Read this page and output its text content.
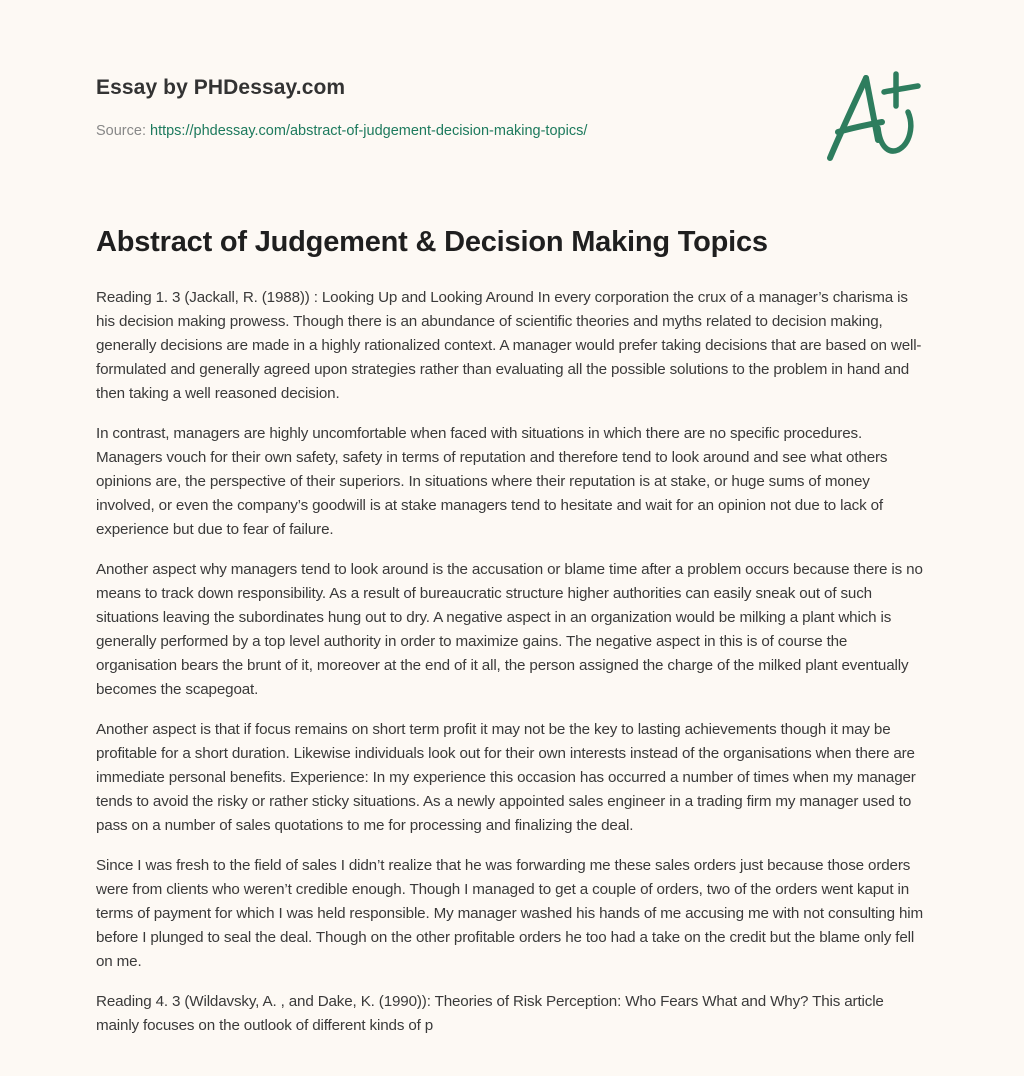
Essay by PHDessay.com
Source: https://phdessay.com/abstract-of-judgement-decision-making-topics/
Abstract of Judgement & Decision Making Topics

Reading 1. 3 (Jackall, R. (1988)) : Looking Up and Looking Around In every corporation the crux of a manager’s charisma is his decision making prowess. Though there is an abundance of scientific theories and myths related to decision making, generally decisions are made in a highly rationalized context. A manager would prefer taking decisions that are based on well-formulated and generally agreed upon strategies rather than evaluating all the possible solutions to the problem in hand and then taking a well reasoned decision.

In contrast, managers are highly uncomfortable when faced with situations in which there are no specific procedures. Managers vouch for their own safety, safety in terms of reputation and therefore tend to look around and see what others opinions are, the perspective of their superiors. In situations where their reputation is at stake, or huge sums of money involved, or even the company’s goodwill is at stake managers tend to hesitate and wait for an opinion not due to lack of experience but due to fear of failure.

Another aspect why managers tend to look around is the accusation or blame time after a problem occurs because there is no means to track down responsibility. As a result of bureaucratic structure higher authorities can easily sneak out of such situations leaving the subordinates hung out to dry. A negative aspect in an organization would be milking a plant which is generally performed by a top level authority in order to maximize gains. The negative aspect in this is of course the organisation bears the brunt of it, moreover at the end of it all, the person assigned the charge of the milked plant eventually becomes the scapegoat.

Another aspect is that if focus remains on short term profit it may not be the key to lasting achievements though it may be profitable for a short duration. Likewise individuals look out for their own interests instead of the organisations when there are immediate personal benefits. Experience: In my experience this occasion has occurred a number of times when my manager tends to avoid the risky or rather sticky situations. As a newly appointed sales engineer in a trading firm my manager used to pass on a number of sales quotations to me for processing and finalizing the deal.

Since I was fresh to the field of sales I didn’t realize that he was forwarding me these sales orders just because those orders were from clients who weren’t credible enough. Though I managed to get a couple of orders, two of the orders went kaput in terms of payment for which I was held responsible. My manager washed his hands of me accusing me with not consulting him before I plunged to seal the deal. Though on the other profitable orders he too had a take on the credit but the blame only fell on me.

Reading 4. 3 (Wildavsky, A. , and Dake, K. (1990)): Theories of Risk Perception: Who Fears What and Why? This article mainly focuses on the outlook of different kinds of p
